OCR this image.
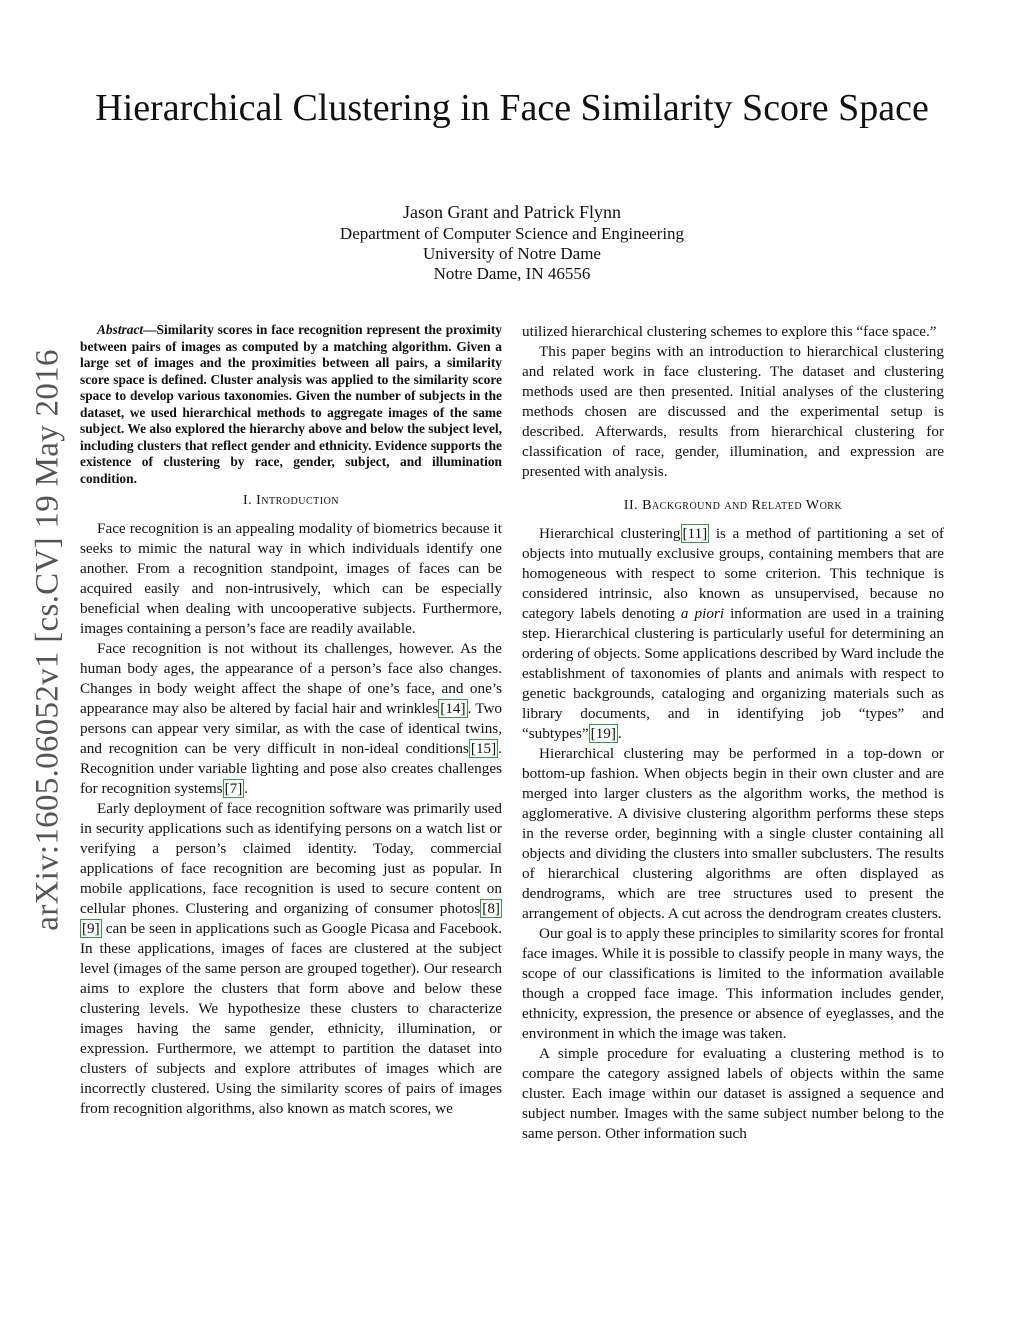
arXiv:1605.06052v1 [cs.CV] 19 May 2016
Hierarchical Clustering in Face Similarity Score Space
Jason Grant and Patrick Flynn
Department of Computer Science and Engineering
University of Notre Dame
Notre Dame, IN 46556

Abstract—Similarity scores in face recognition represent the proximity between pairs of images as computed by a matching algorithm. Given a large set of images and the proximities between all pairs, a similarity score space is defined. Cluster analysis was applied to the similarity score space to develop various taxonomies. Given the number of subjects in the dataset, we used hierarchical methods to aggregate images of the same subject. We also explored the hierarchy above and below the subject level, including clusters that reflect gender and ethnicity. Evidence supports the existence of clustering by race, gender, subject, and illumination condition.

I. Introduction

Face recognition is an appealing modality of biometrics because it seeks to mimic the natural way in which individuals identify one another. From a recognition standpoint, images of faces can be acquired easily and non-intrusively, which can be especially beneficial when dealing with uncooperative subjects. Furthermore, images containing a person’s face are readily available.

Face recognition is not without its challenges, however. As the human body ages, the appearance of a person’s face also changes. Changes in body weight affect the shape of one’s face, and one’s appearance may also be altered by facial hair and wrinkles [14] . Two persons can appear very similar, as with the case of identical twins, and recognition can be very difficult in non-ideal conditions [15] . Recognition under variable lighting and pose also creates challenges for recognition systems [7] .

Early deployment of face recognition software was primarily used in security applications such as identifying persons on a watch list or verifying a person’s claimed identity. Today, commercial applications of face recognition are becoming just as popular. In mobile applications, face recognition is used to secure content on cellular phones. Clustering and organizing of consumer photos [8][9] can be seen in applications such as Google Picasa and Facebook. In these applications, images of faces are clustered at the subject level (images of the same person are grouped together). Our research aims to explore the clusters that form above and below these clustering levels. We hypothesize these clusters to characterize images having the same gender, ethnicity, illumination, or expression. Furthermore, we attempt to partition the dataset into clusters of subjects and explore attributes of images which are incorrectly clustered. Using the similarity scores of pairs of images from recognition algorithms, also known as match scores, we

utilized hierarchical clustering schemes to explore this “face space.”

This paper begins with an introduction to hierarchical clustering and related work in face clustering. The dataset and clustering methods used are then presented. Initial analyses of the clustering methods chosen are discussed and the experimental setup is described. Afterwards, results from hierarchical clustering for classification of race, gender, illumination, and expression are presented with analysis.

II. Background and Related Work

Hierarchical clustering [11] is a method of partitioning a set of objects into mutually exclusive groups, containing members that are homogeneous with respect to some criterion. This technique is considered intrinsic, also known as unsupervised, because no category labels denoting a piori information are used in a training step. Hierarchical clustering is particularly useful for determining an ordering of objects. Some applications described by Ward include the establishment of taxonomies of plants and animals with respect to genetic backgrounds, cataloging and organizing materials such as library documents, and in identifying job “types” and “subtypes” [19] .

Hierarchical clustering may be performed in a top-down or bottom-up fashion. When objects begin in their own cluster and are merged into larger clusters as the algorithm works, the method is agglomerative. A divisive clustering algorithm performs these steps in the reverse order, beginning with a single cluster containing all objects and dividing the clusters into smaller subclusters. The results of hierarchical clustering algorithms are often displayed as dendrograms, which are tree structures used to present the arrangement of objects. A cut across the dendrogram creates clusters.

Our goal is to apply these principles to similarity scores for frontal face images. While it is possible to classify people in many ways, the scope of our classifications is limited to the information available though a cropped face image. This information includes gender, ethnicity, expression, the presence or absence of eyeglasses, and the environment in which the image was taken.

A simple procedure for evaluating a clustering method is to compare the category assigned labels of objects within the same cluster. Each image within our dataset is assigned a sequence and subject number. Images with the same subject number belong to the same person. Other information such
